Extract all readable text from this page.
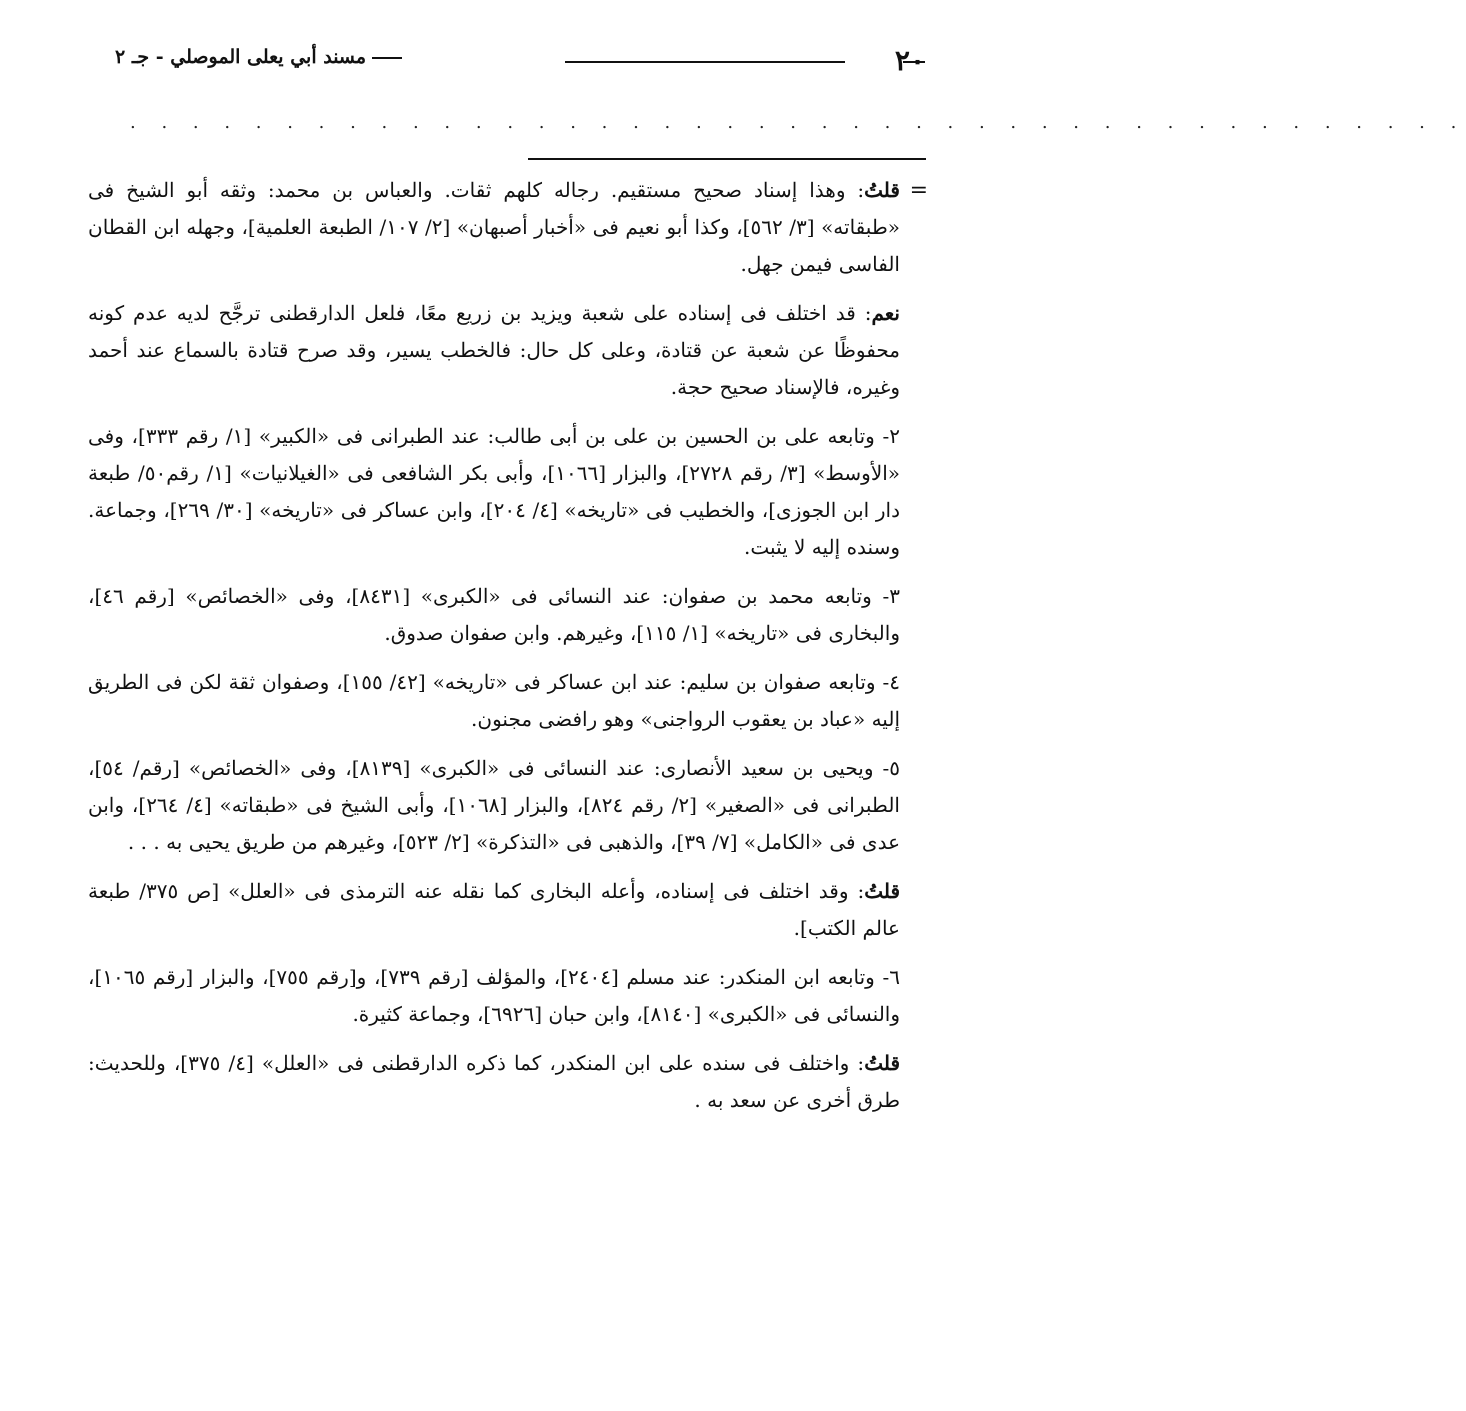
٢٠
مسند أبي يعلى الموصلي - جـ ٢
. . . . . . . . . . . . . . . . . . . . . . . . . . . . . . . . . . . . . . . . . . .

=
قلتُ: وهذا إسناد صحيح مستقيم. رجاله كلهم ثقات. والعباس بن محمد: وثقه أبو الشيخ فى «طبقاته» [٣/ ٥٦٢]، وكذا أبو نعيم فى «أخبار أصبهان» [٢/ ١٠٧/ الطبعة العلمية]، وجهله ابن القطان الفاسى فيمن جهل.

نعم: قد اختلف فى إسناده على شعبة ويزيد بن زريع معًا، فلعل الدارقطنى ترجَّح لديه عدم كونه محفوظًا عن شعبة عن قتادة، وعلى كل حال: فالخطب يسير، وقد صرح قتادة بالسماع عند أحمد وغيره، فالإسناد صحيح حجة.

٢- وتابعه على بن الحسين بن على بن أبى طالب: عند الطبرانى فى «الكبير» [١/ رقم ٣٣٣]، وفى «الأوسط» [٣/ رقم ٢٧٢٨]، والبزار [١٠٦٦]، وأبى بكر الشافعى فى «الغيلانيات» [١/ رقم٥٠/ طبعة دار ابن الجوزى]، والخطيب فى «تاريخه» [٤/ ٢٠٤]، وابن عساكر فى «تاريخه» [٣٠/ ٢٦٩]، وجماعة. وسنده إليه لا يثبت.

٣- وتابعه محمد بن صفوان: عند النسائى فى «الكبرى» [٨٤٣١]، وفى «الخصائص» [رقم ٤٦]، والبخارى فى «تاريخه» [١/ ١١٥]، وغيرهم. وابن صفوان صدوق.

٤- وتابعه صفوان بن سليم: عند ابن عساكر فى «تاريخه» [٤٢/ ١٥٥]، وصفوان ثقة لكن فى الطريق إليه «عباد بن يعقوب الرواجنى» وهو رافضى مجنون.

٥- ويحيى بن سعيد الأنصارى: عند النسائى فى «الكبرى» [٨١٣٩]، وفى «الخصائص» [رقم/ ٥٤]، الطبرانى فى «الصغير» [٢/ رقم ٨٢٤]، والبزار [١٠٦٨]، وأبى الشيخ فى «طبقاته» [٤/ ٢٦٤]، وابن عدى فى «الكامل» [٧/ ٣٩]، والذهبى فى «التذكرة» [٢/ ٥٢٣]، وغيرهم من طريق يحيى به . . .

قلتُ: وقد اختلف فى إسناده، وأعله البخارى كما نقله عنه الترمذى فى «العلل» [ص ٣٧٥/ طبعة عالم الكتب].

٦- وتابعه ابن المنكدر: عند مسلم [٢٤٠٤]، والمؤلف [رقم ٧٣٩]، و[رقم ٧٥٥]، والبزار [رقم ١٠٦٥]، والنسائى فى «الكبرى» [٨١٤٠]، وابن حبان [٦٩٢٦]، وجماعة كثيرة.

قلتُ: واختلف فى سنده على ابن المنكدر، كما ذكره الدارقطنى فى «العلل» [٤/ ٣٧٥]، وللحديث: طرق أخرى عن سعد به .
